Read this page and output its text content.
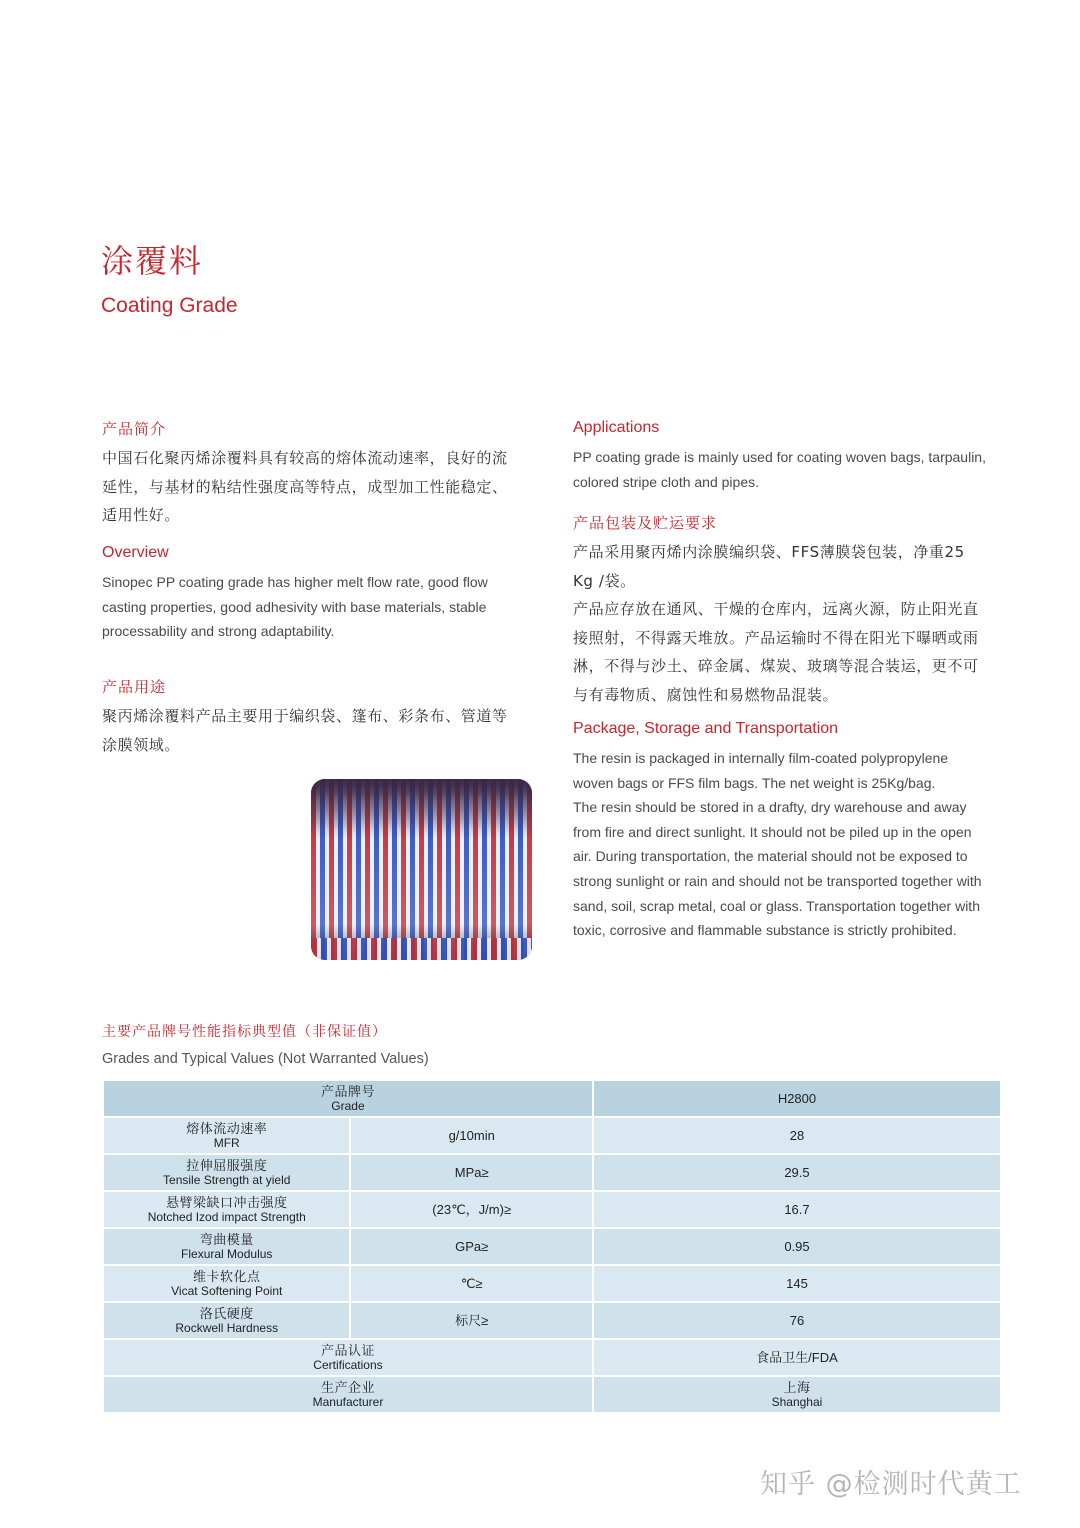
涂覆料
Coating Grade
产品简介
中国石化聚丙烯涂覆料具有较高的熔体流动速率，良好的流
延性，与基材的粘结性强度高等特点，成型加工性能稳定、
适用性好。
Overview
Sinopec PP coating grade has higher melt flow rate, good flow
casting properties, good adhesivity with base materials, stable
processability and strong adaptability.
产品用途
聚丙烯涂覆料产品主要用于编织袋、篷布、彩条布、管道等
涂膜领域。
Applications
PP coating grade is mainly used for coating woven bags, tarpaulin,
colored stripe cloth and pipes.
产品包装及贮运要求
产品采用聚丙烯内涂膜编织袋、FFS薄膜袋包装，净重25
Kg /袋。
产品应存放在通风、干燥的仓库内，远离火源，防止阳光直
接照射，不得露天堆放。产品运输时不得在阳光下曝晒或雨
淋，不得与沙土、碎金属、煤炭、玻璃等混合装运，更不可
与有毒物质、腐蚀性和易燃物品混装。
Package, Storage and Transportation
The resin is packaged in internally film-coated polypropylene
woven bags or FFS film bags. The net weight is 25Kg/bag.
The resin should be stored in a drafty, dry warehouse and away
from fire and direct sunlight. It should not be piled up in the open
air. During transportation, the material should not be exposed to
strong sunlight or rain and should not be transported together with
sand, soil, scrap metal, coal or glass. Transportation together with
toxic, corrosive and flammable substance is strictly prohibited.
主要产品牌号性能指标典型值（非保证值）
Grades and Typical Values (Not Warranted Values)
产品牌号
Grade		H2800

熔体流动速率
MFR	g/10min	28

拉伸屈服强度
Tensile Strength at yield	MPa≥	29.5

悬臂梁缺口冲击强度
Notched Izod impact Strength	(23℃，J/m)≥	16.7

弯曲模量
Flexural Modulus	GPa≥	0.95

维卡软化点
Vicat Softening Point	℃≥	145

洛氏硬度
Rockwell Hardness	标尺≥	76

产品认证
Certifications		食品卫生/FDA

生产企业
Manufacturer		上海
Shanghai
知乎 @检测时代黄工
